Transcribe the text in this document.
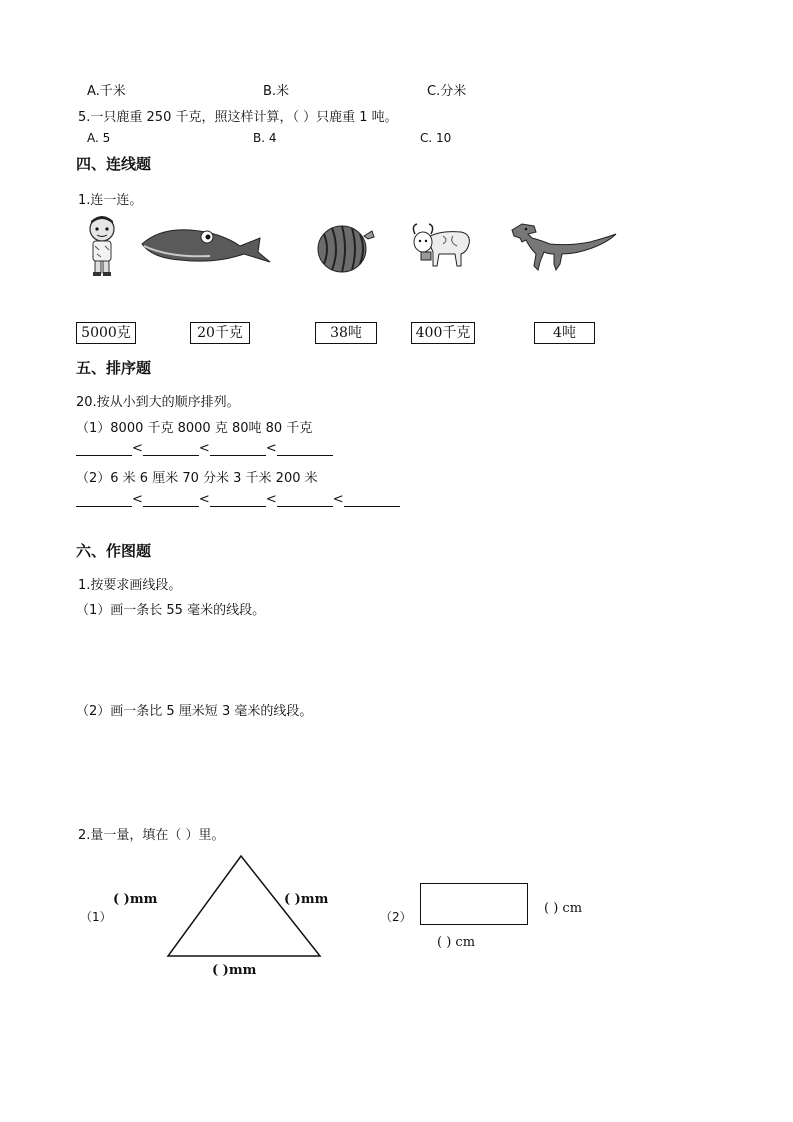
A.千米	B.米	C.分米
5.一只鹿重 250 千克，照这样计算，（ ）只鹿重 1 吨。
A. 5	B. 4	C. 10
四、连线题
1.连一连。
5000克	20千克	38吨	400千克	4吨
五、排序题
20.按从小到大的顺序排列。
（1）8000 千克 8000 克 80吨 80 千克
<	<	<
（2）6 米 6 厘米 70 分米 3 千米 200 米
<	<	<	<
六、作图题
1.按要求画线段。
（1）画一条长 55 毫米的线段。
（2）画一条比 5 厘米短 3 毫米的线段。
2.量一量，填在（ ）里。
（1）
( )mm	( )mm
( )mm
（2）
( ) cm
( ) cm
